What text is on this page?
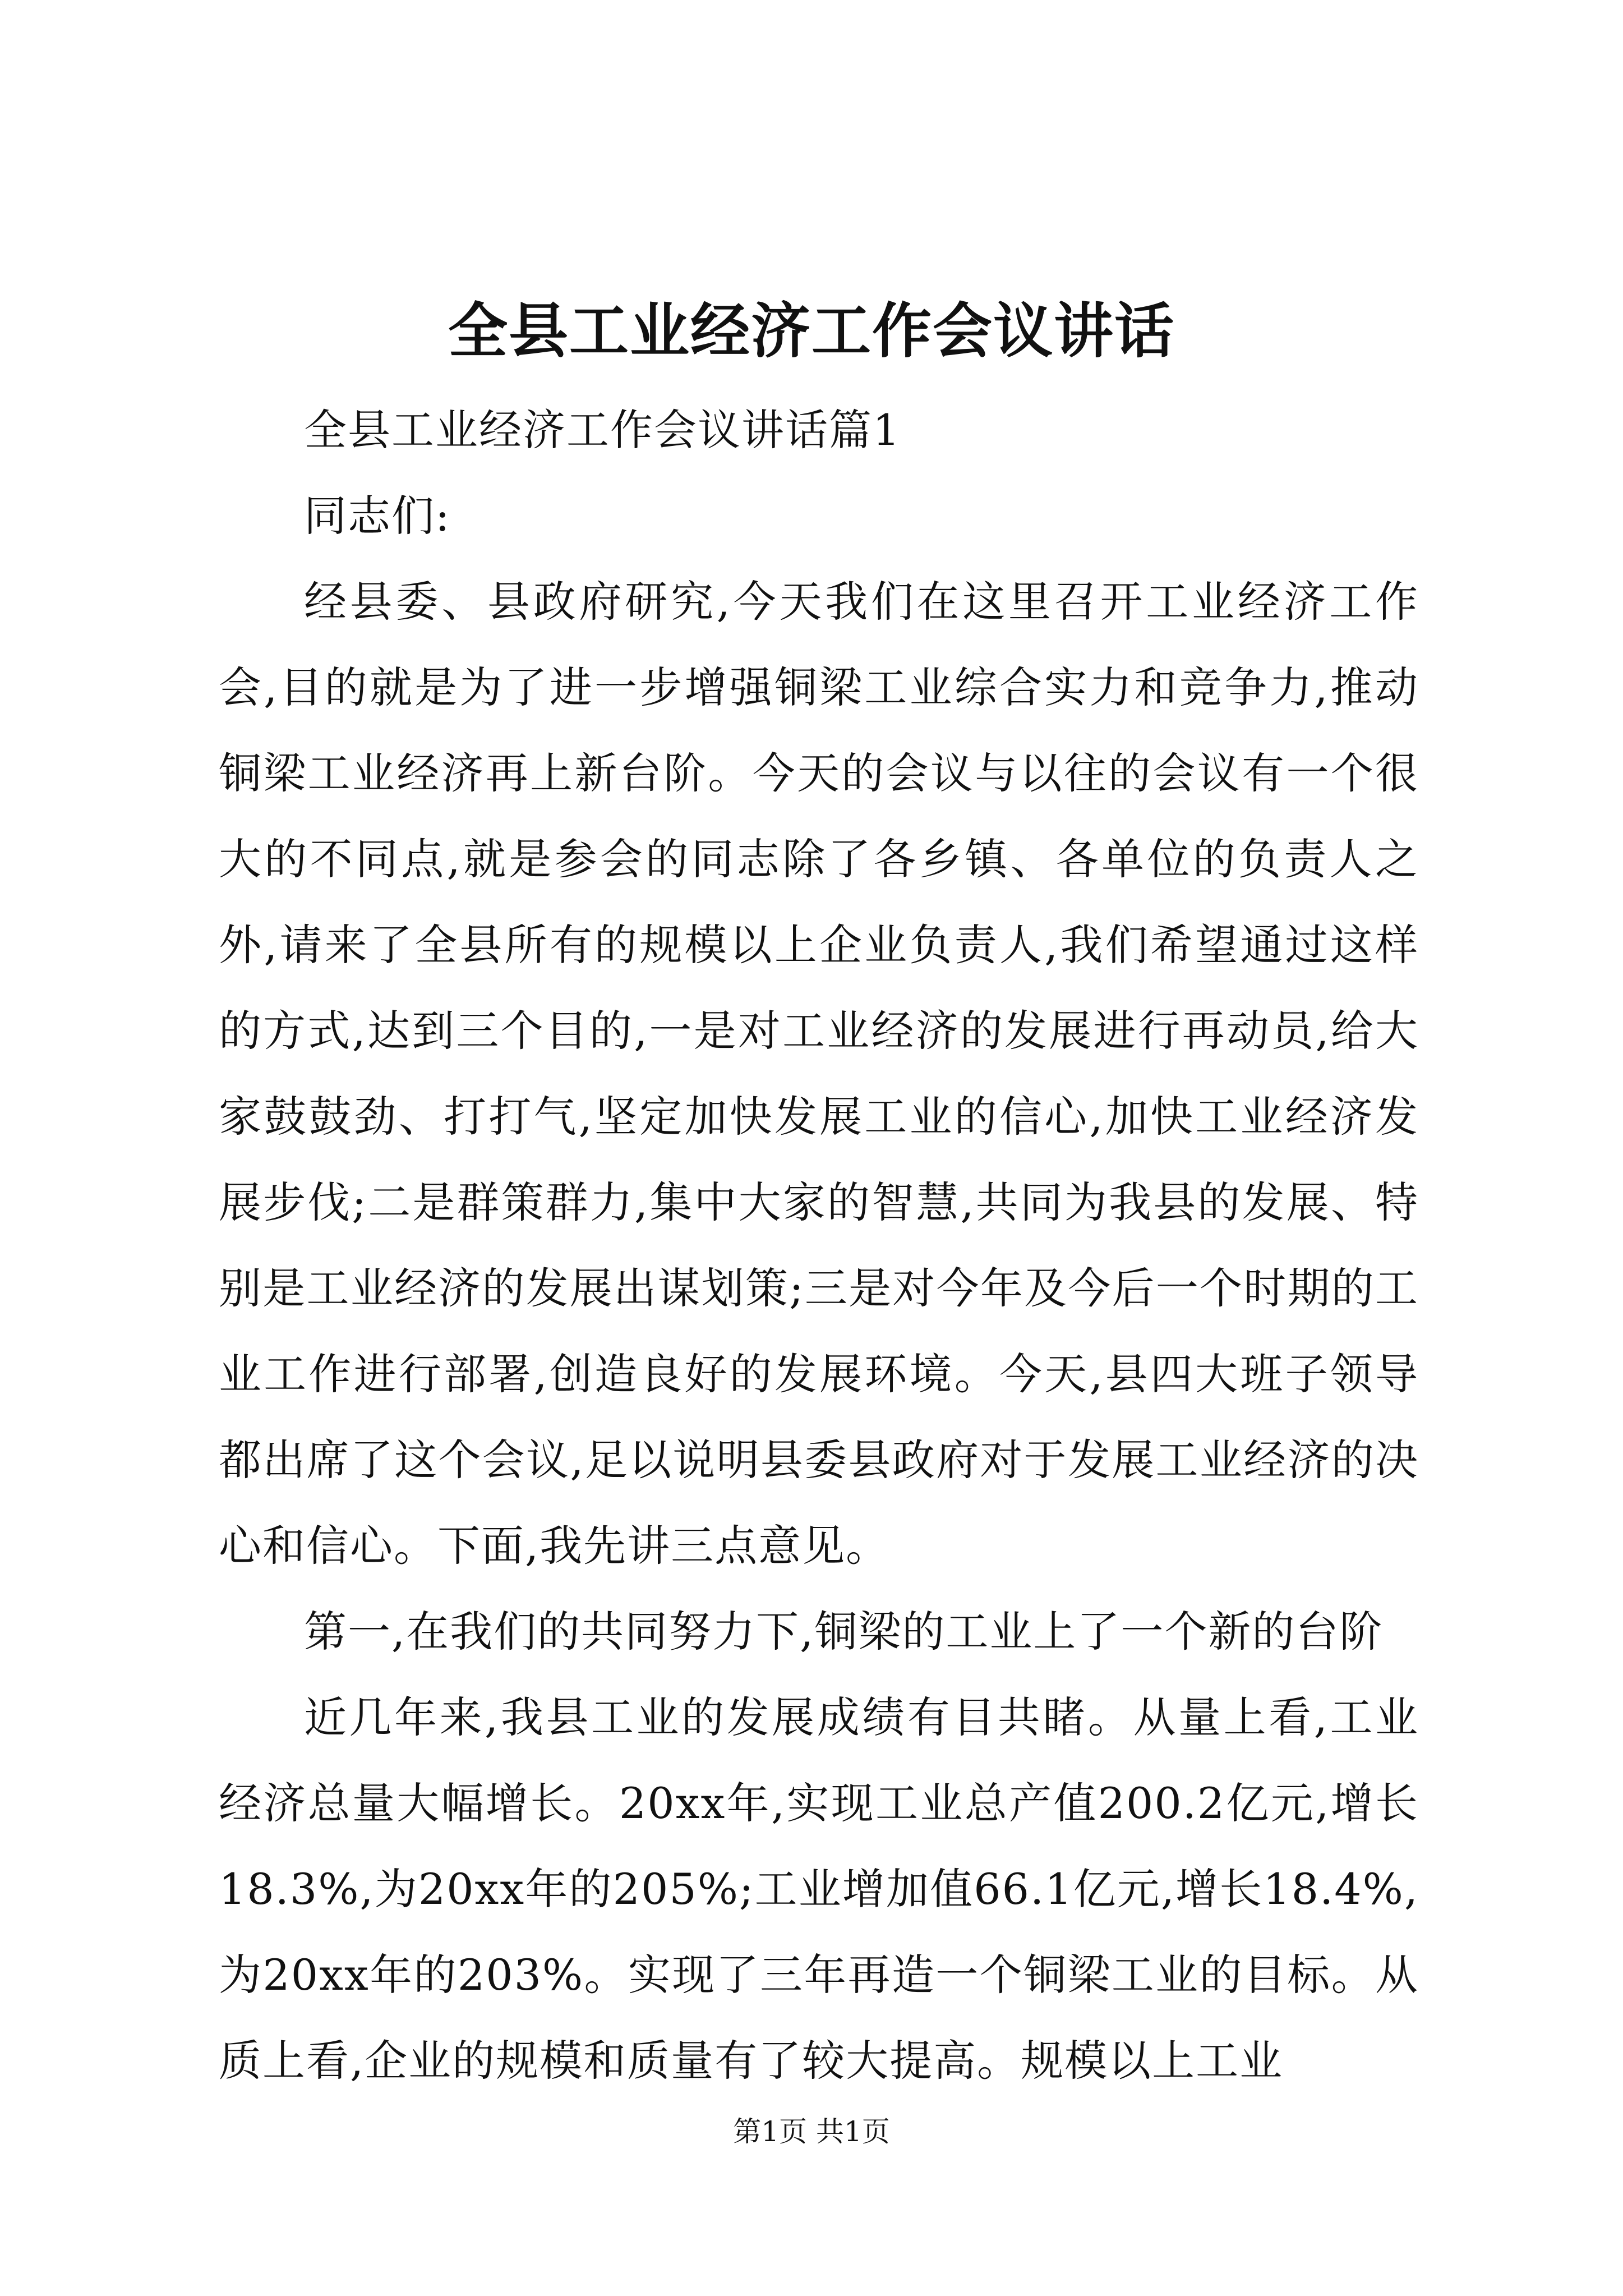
全县工业经济工作会议讲话

全县工业经济工作会议讲话篇1

同志们:

经县委、县政府研究,今天我们在这里召开工业经济工作会,目的就是为了进一步增强铜梁工业综合实力和竞争力,推动铜梁工业经济再上新台阶。今天的会议与以往的会议有一个很大的不同点,就是参会的同志除了各乡镇、各单位的负责人之外,请来了全县所有的规模以上企业负责人,我们希望通过这样的方式,达到三个目的,一是对工业经济的发展进行再动员,给大家鼓鼓劲、打打气,坚定加快发展工业的信心,加快工业经济发展步伐;二是群策群力,集中大家的智慧,共同为我县的发展、特别是工业经济的发展出谋划策;三是对今年及今后一个时期的工业工作进行部署,创造良好的发展环境。今天,县四大班子领导都出席了这个会议,足以说明县委县政府对于发展工业经济的决心和信心。下面,我先讲三点意见。

第一,在我们的共同努力下,铜梁的工业上了一个新的台阶

近几年来,我县工业的发展成绩有目共睹。从量上看,工业经济总量大幅增长。20xx年,实现工业总产值200.2亿元,增长18.3%,为20xx年的205%;工业增加值66.1亿元,增长18.4%,为20xx年的203%。实现了三年再造一个铜梁工业的目标。从质上看,企业的规模和质量有了较大提高。规模以上工业

第1页 共1页
